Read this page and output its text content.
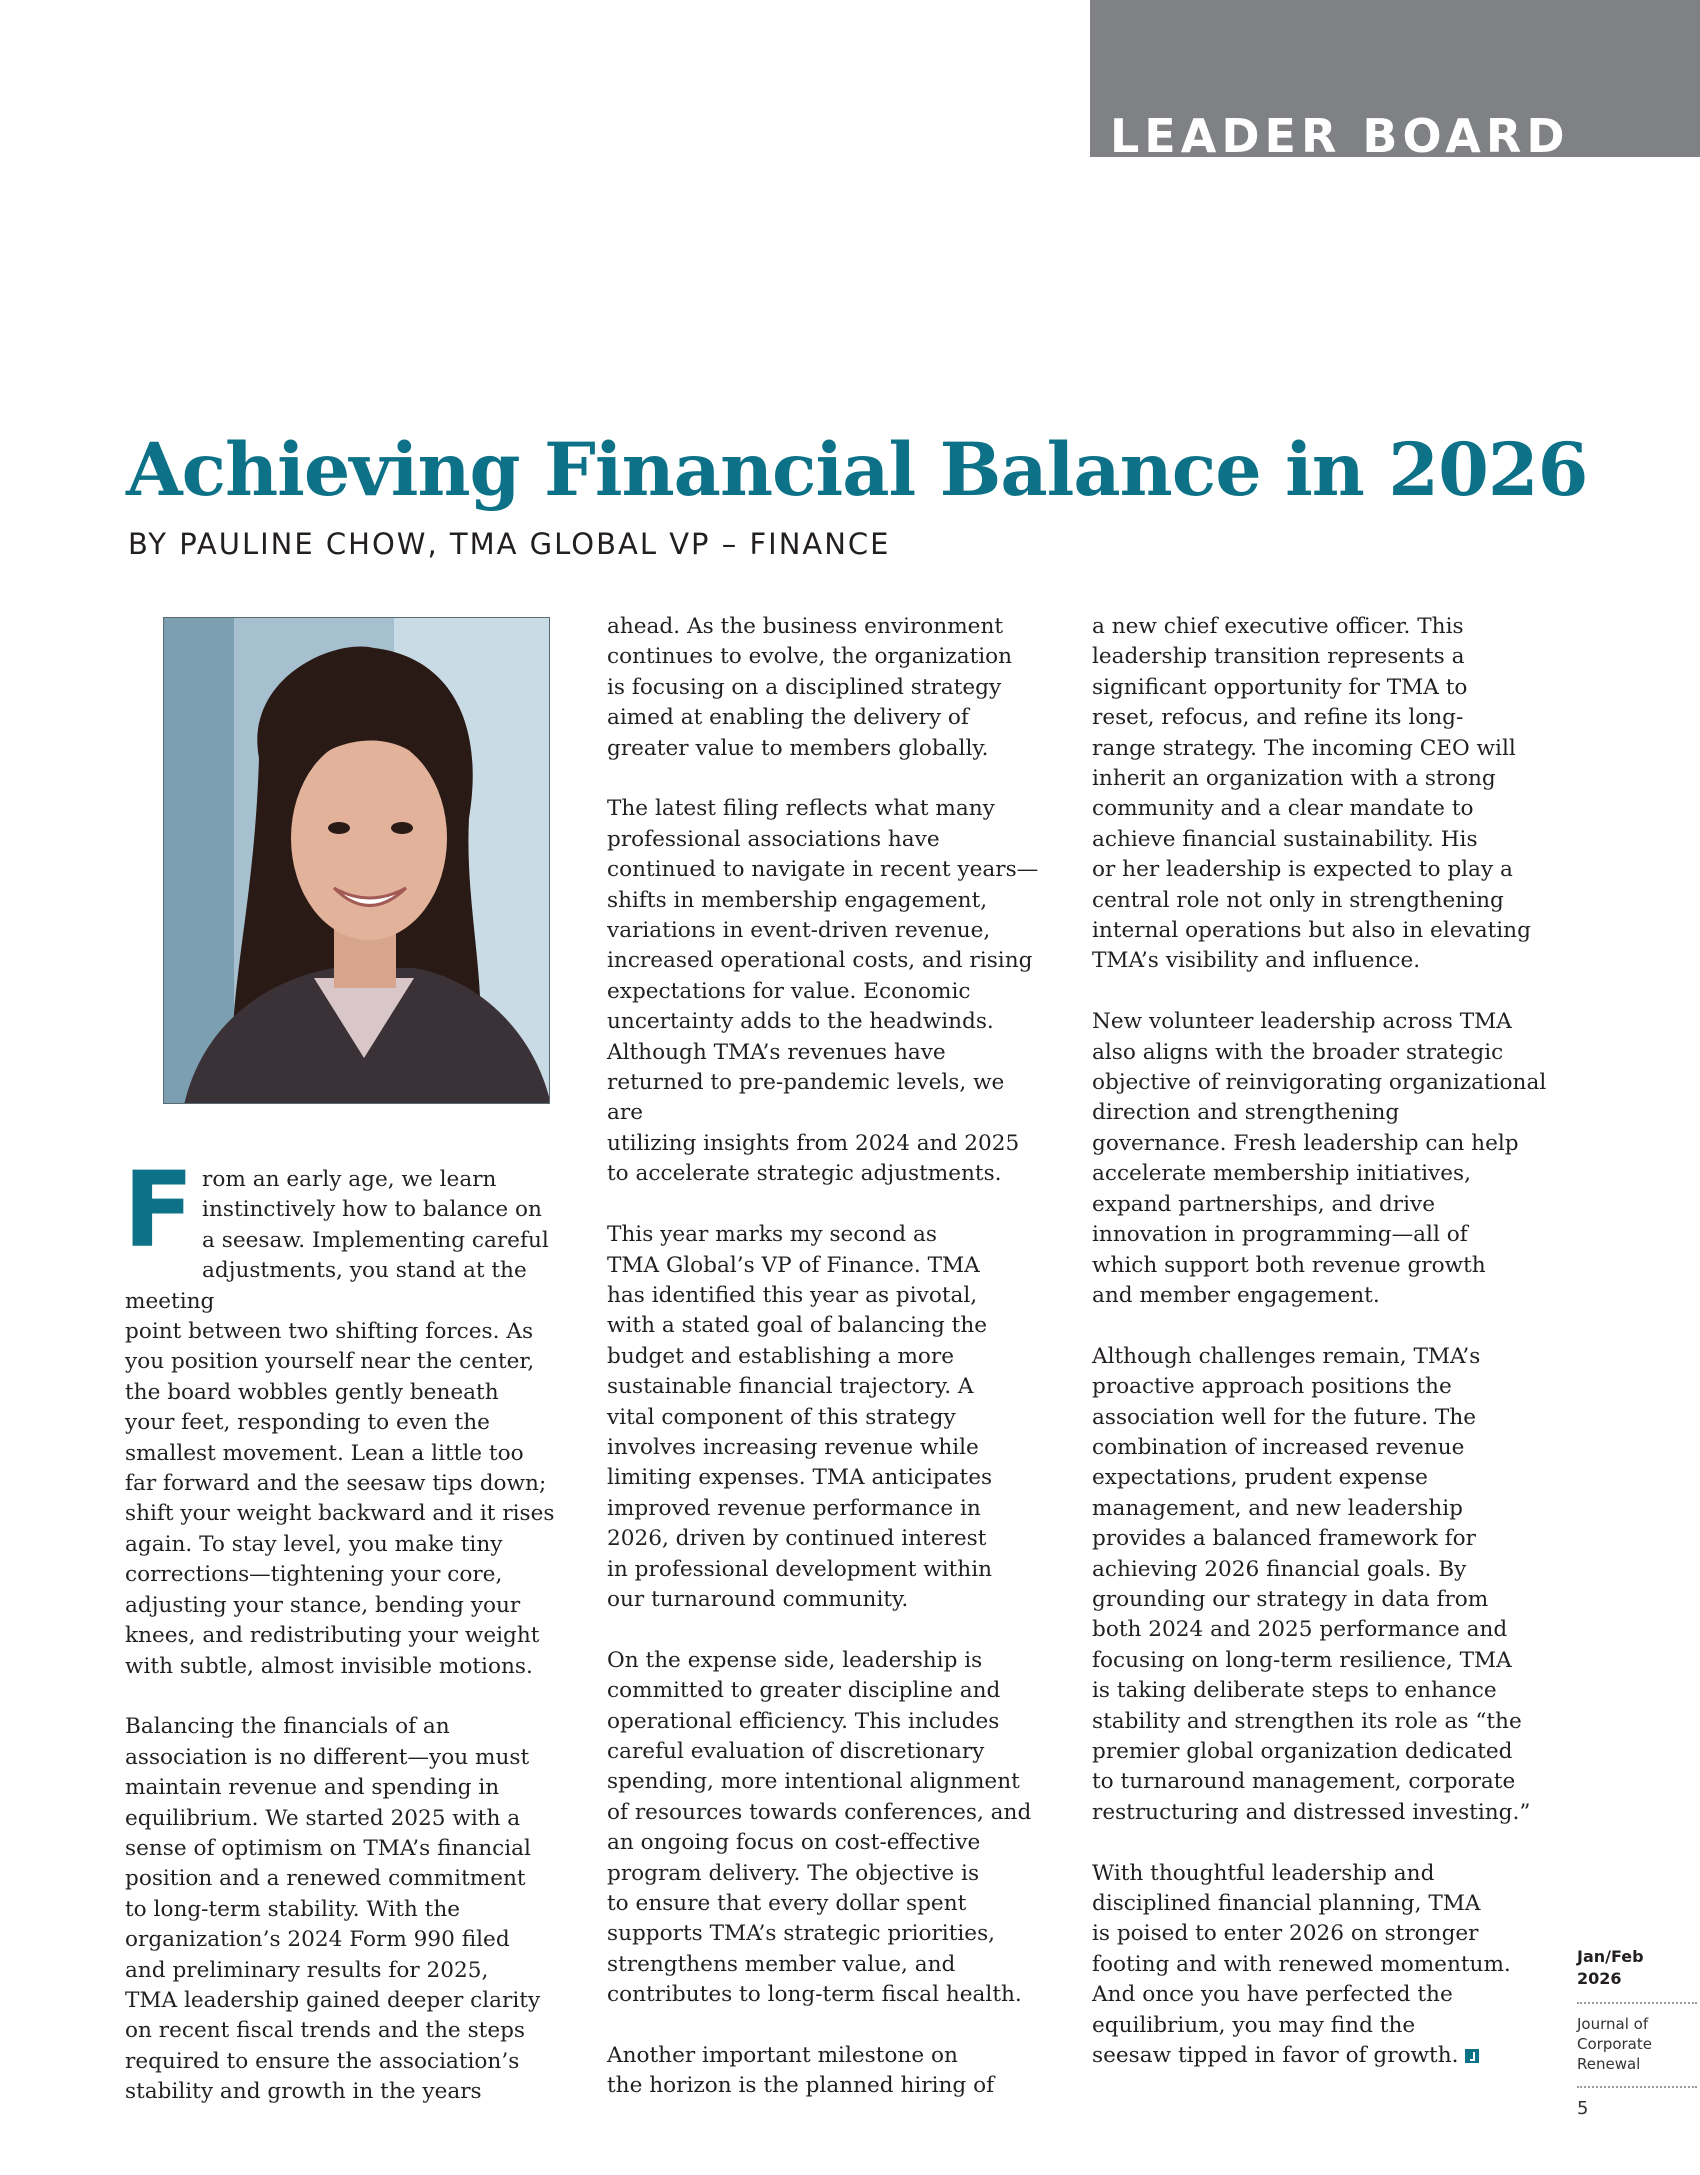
LEADER BOARD
Achieving Financial Balance in 2026
BY PAULINE CHOW, TMA GLOBAL VP – FINANCE

From an early age, we learn
instinctively how to balance on
a seesaw. Implementing careful
adjustments, you stand at the meeting
point between two shifting forces. As
you position yourself near the center,
the board wobbles gently beneath
your feet, responding to even the
smallest movement. Lean a little too
far forward and the seesaw tips down;
shift your weight backward and it rises
again. To stay level, you make tiny
corrections—tightening your core,
adjusting your stance, bending your
knees, and redistributing your weight
with subtle, almost invisible motions.

Balancing the financials of an
association is no different—you must
maintain revenue and spending in
equilibrium. We started 2025 with a
sense of optimism on TMA’s financial
position and a renewed commitment
to long-term stability. With the
organization’s 2024 Form 990 filed
and preliminary results for 2025,
TMA leadership gained deeper clarity
on recent fiscal trends and the steps
required to ensure the association’s
stability and growth in the years

ahead. As the business environment
continues to evolve, the organization
is focusing on a disciplined strategy
aimed at enabling the delivery of
greater value to members globally.

The latest filing reflects what many
professional associations have
continued to navigate in recent years—
shifts in membership engagement,
variations in event-driven revenue,
increased operational costs, and rising
expectations for value. Economic
uncertainty adds to the headwinds.
Although TMA’s revenues have
returned to pre-pandemic levels, we are
utilizing insights from 2024 and 2025
to accelerate strategic adjustments.

This year marks my second as
TMA Global’s VP of Finance. TMA
has identified this year as pivotal,
with a stated goal of balancing the
budget and establishing a more
sustainable financial trajectory. A
vital component of this strategy
involves increasing revenue while
limiting expenses. TMA anticipates
improved revenue performance in
2026, driven by continued interest
in professional development within
our turnaround community.

On the expense side, leadership is
committed to greater discipline and
operational efficiency. This includes
careful evaluation of discretionary
spending, more intentional alignment
of resources towards conferences, and
an ongoing focus on cost-effective
program delivery. The objective is
to ensure that every dollar spent
supports TMA’s strategic priorities,
strengthens member value, and
contributes to long-term fiscal health.

Another important milestone on
the horizon is the planned hiring of

a new chief executive officer. This
leadership transition represents a
significant opportunity for TMA to
reset, refocus, and refine its long-
range strategy. The incoming CEO will
inherit an organization with a strong
community and a clear mandate to
achieve financial sustainability. His
or her leadership is expected to play a
central role not only in strengthening
internal operations but also in elevating
TMA’s visibility and influence.

New volunteer leadership across TMA
also aligns with the broader strategic
objective of reinvigorating organizational
direction and strengthening
governance. Fresh leadership can help
accelerate membership initiatives,
expand partnerships, and drive
innovation in programming—all of
which support both revenue growth
and member engagement.

Although challenges remain, TMA’s
proactive approach positions the
association well for the future. The
combination of increased revenue
expectations, prudent expense
management, and new leadership
provides a balanced framework for
achieving 2026 financial goals. By
grounding our strategy in data from
both 2024 and 2025 performance and
focusing on long-term resilience, TMA
is taking deliberate steps to enhance
stability and strengthen its role as “the
premier global organization dedicated
to turnaround management, corporate
restructuring and distressed investing.”

With thoughtful leadership and
disciplined financial planning, TMA
is poised to enter 2026 on stronger
footing and with renewed momentum.
And once you have perfected the
equilibrium, you may find the
seesaw tipped in favor of growth.

Jan/Feb
2026
Journal of
Corporate
Renewal
5
